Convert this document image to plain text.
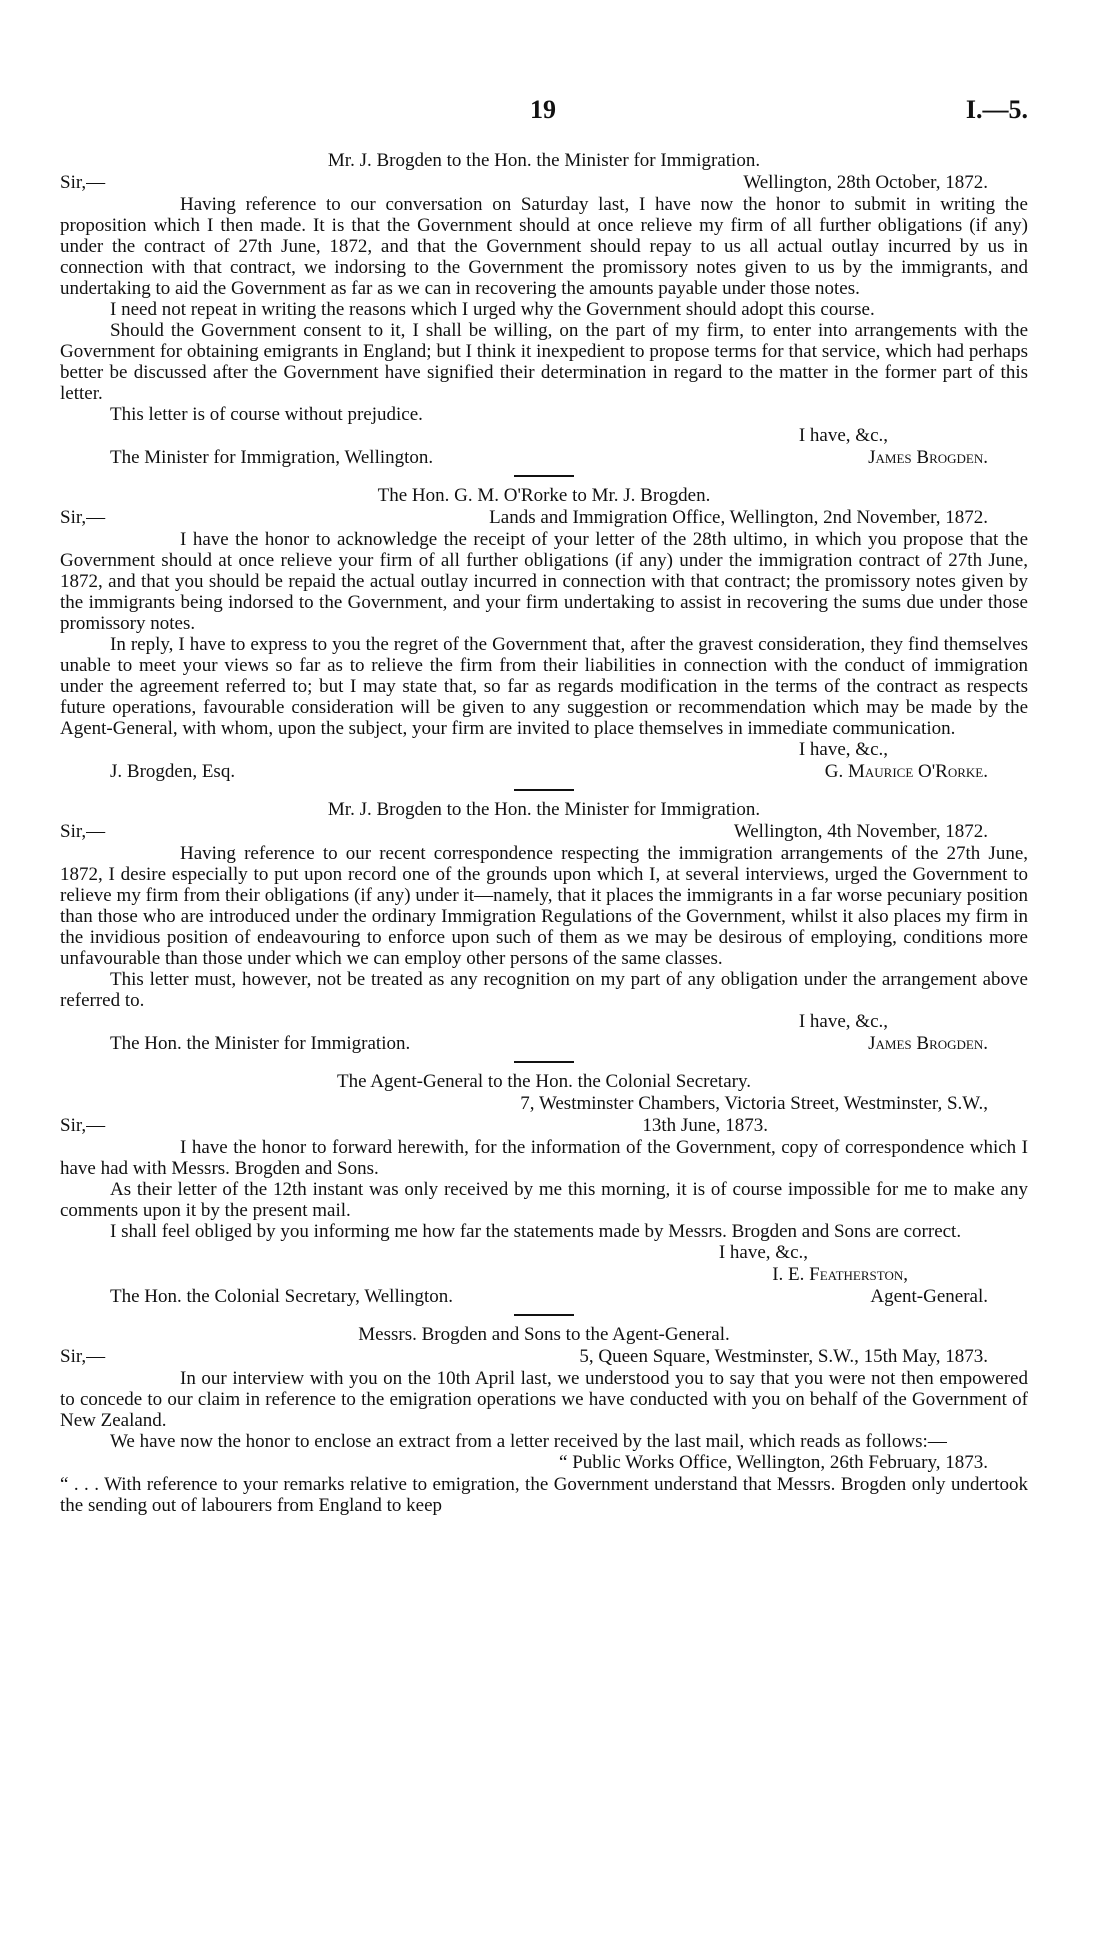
19	I.—5.
Mr. J. Brogden to the Hon. the Minister for Immigration.
Sir,—	Wellington, 28th October, 1872.

Having reference to our conversation on Saturday last, I have now the honor to submit in writing the proposition which I then made. It is that the Government should at once relieve my firm of all further obligations (if any) under the contract of 27th June, 1872, and that the Government should repay to us all actual outlay incurred by us in connection with that contract, we indorsing to the Government the promissory notes given to us by the immigrants, and undertaking to aid the Government as far as we can in recovering the amounts payable under those notes.

I need not repeat in writing the reasons which I urged why the Government should adopt this course.

Should the Government consent to it, I shall be willing, on the part of my firm, to enter into arrangements with the Government for obtaining emigrants in England; but I think it inexpedient to propose terms for that service, which had perhaps better be discussed after the Government have signified their determination in regard to the matter in the former part of this letter.

This letter is of course without prejudice.

I have, &c.,
The Minister for Immigration, Wellington.	James Brogden.
The Hon. G. M. O'Rorke to Mr. J. Brogden.
Sir,—	Lands and Immigration Office, Wellington, 2nd November, 1872.

I have the honor to acknowledge the receipt of your letter of the 28th ultimo, in which you propose that the Government should at once relieve your firm of all further obligations (if any) under the immigration contract of 27th June, 1872, and that you should be repaid the actual outlay incurred in connection with that contract; the promissory notes given by the immigrants being indorsed to the Government, and your firm undertaking to assist in recovering the sums due under those promissory notes.

In reply, I have to express to you the regret of the Government that, after the gravest consideration, they find themselves unable to meet your views so far as to relieve the firm from their liabilities in connection with the conduct of immigration under the agreement referred to; but I may state that, so far as regards modification in the terms of the contract as respects future operations, favourable consideration will be given to any suggestion or recommendation which may be made by the Agent-General, with whom, upon the subject, your firm are invited to place themselves in immediate communication.

I have, &c.,
J. Brogden, Esq.	G. Maurice O'Rorke.
Mr. J. Brogden to the Hon. the Minister for Immigration.
Sir,—	Wellington, 4th November, 1872.

Having reference to our recent correspondence respecting the immigration arrangements of the 27th June, 1872, I desire especially to put upon record one of the grounds upon which I, at several interviews, urged the Government to relieve my firm from their obligations (if any) under it—namely, that it places the immigrants in a far worse pecuniary position than those who are introduced under the ordinary Immigration Regulations of the Government, whilst it also places my firm in the invidious position of endeavouring to enforce upon such of them as we may be desirous of employing, conditions more unfavourable than those under which we can employ other persons of the same classes.

This letter must, however, not be treated as any recognition on my part of any obligation under the arrangement above referred to.

I have, &c.,
The Hon. the Minister for Immigration.	James Brogden.
The Agent-General to the Hon. the Colonial Secretary.
7, Westminster Chambers, Victoria Street, Westminster, S.W.,
Sir,—	13th June, 1873.

I have the honor to forward herewith, for the information of the Government, copy of correspondence which I have had with Messrs. Brogden and Sons.

As their letter of the 12th instant was only received by me this morning, it is of course impossible for me to make any comments upon it by the present mail.

I shall feel obliged by you informing me how far the statements made by Messrs. Brogden and Sons are correct.

I have, &c.,
I. E. Featherston,
The Hon. the Colonial Secretary, Wellington.	Agent-General.
Messrs. Brogden and Sons to the Agent-General.
Sir,—	5, Queen Square, Westminster, S.W., 15th May, 1873.

In our interview with you on the 10th April last, we understood you to say that you were not then empowered to concede to our claim in reference to the emigration operations we have conducted with you on behalf of the Government of New Zealand.

We have now the honor to enclose an extract from a letter received by the last mail, which reads as follows:—

“ Public Works Office, Wellington, 26th February, 1873.

“ . . . With reference to your remarks relative to emigration, the Government understand that Messrs. Brogden only undertook the sending out of labourers from England to keep
